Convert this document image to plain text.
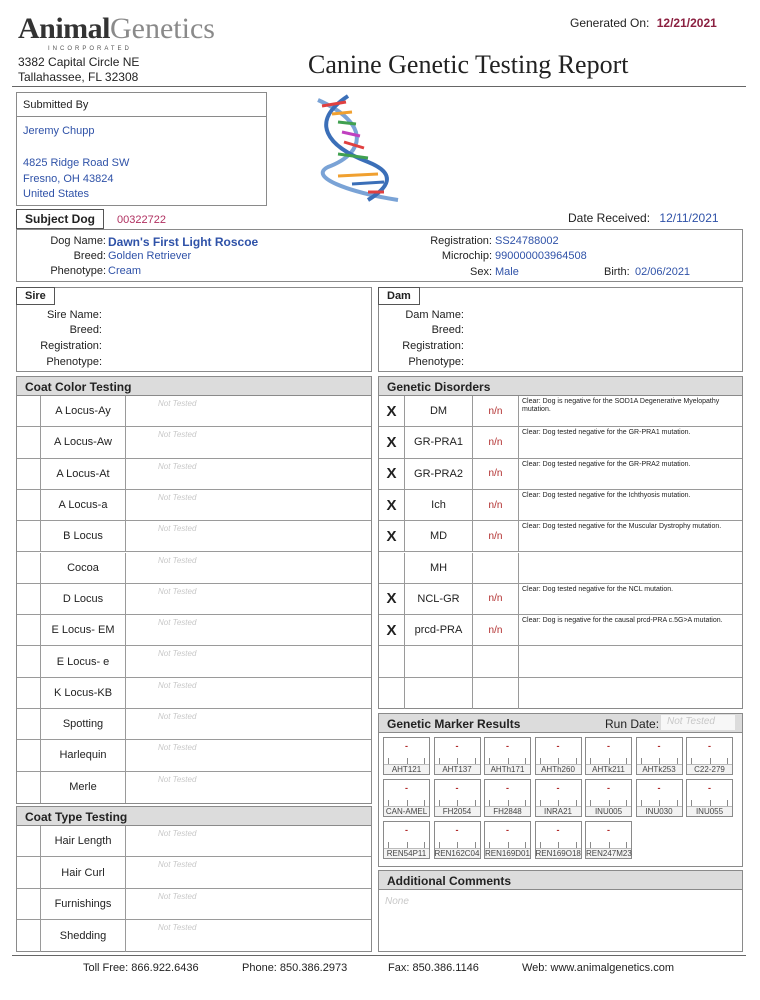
AnimalGenetics
INCORPORATED
3382 Capital Circle NE
Tallahassee, FL 32308
Generated On: 12/21/2021
Canine Genetic Testing Report
Submitted By
Jeremy Chupp
4825 Ridge Road SW
Fresno, OH 43824
United States
Subject Dog	00322722	Date Received: 12/11/2021
Dog Name: Dawn's First Light Roscoe
Breed: Golden Retriever
Phenotype: Cream
Registration: SS24788002
Microchip: 990000003964508
Sex: Male	Birth: 02/06/2021
Sire
Sire Name:
Breed:
Registration:
Phenotype:
Dam
Dam Name:
Breed:
Registration:
Phenotype:
Coat Color Testing
A Locus-Ay
Not Tested
A Locus-Aw
Not Tested
A Locus-At
Not Tested
A Locus-a
Not Tested
B Locus
Not Tested
Cocoa
Not Tested
D Locus
Not Tested
E Locus- EM
Not Tested
E Locus- e
Not Tested
K Locus-KB
Not Tested
Spotting
Not Tested
Harlequin
Not Tested
Merle
Not Tested
Coat Type Testing
Hair Length
Not Tested
Hair Curl
Not Tested
Furnishings
Not Tested
Shedding
Not Tested
Genetic Disorders
X	DM	n/n
Clear: Dog is negative for the SOD1A Degenerative Myelopathy mutation.
X	GR-PRA1	n/n
Clear: Dog tested negative for the GR-PRA1 mutation.
X	GR-PRA2	n/n
Clear: Dog tested negative for the GR-PRA2 mutation.
X	Ich	n/n
Clear: Dog tested negative for the Ichthyosis mutation.
X	MD	n/n
Clear: Dog tested negative for the Muscular Dystrophy mutation.
MH
X	NCL-GR	n/n
Clear: Dog tested negative for the NCL mutation.
X	prcd-PRA	n/n
Clear: Dog is negative for the causal prcd-PRA c.5G>A mutation.
Genetic Marker Results	Run Date: Not Tested
-
AHT121
-
AHT137
-
AHTh171
-
AHTh260
-
AHTk211
-
AHTk253
-
C22-279
-
CAN-AMEL
-
FH2054
-
FH2848
-
INRA21
-
INU005
-
INU030
-
INU055
-
REN54P11
-
REN162C04
-
REN169D01
-
REN169O18
-
REN247M23
Additional Comments
None
Toll Free: 866.922.6436	Phone: 850.386.2973	Fax: 850.386.1146	Web: www.animalgenetics.com
